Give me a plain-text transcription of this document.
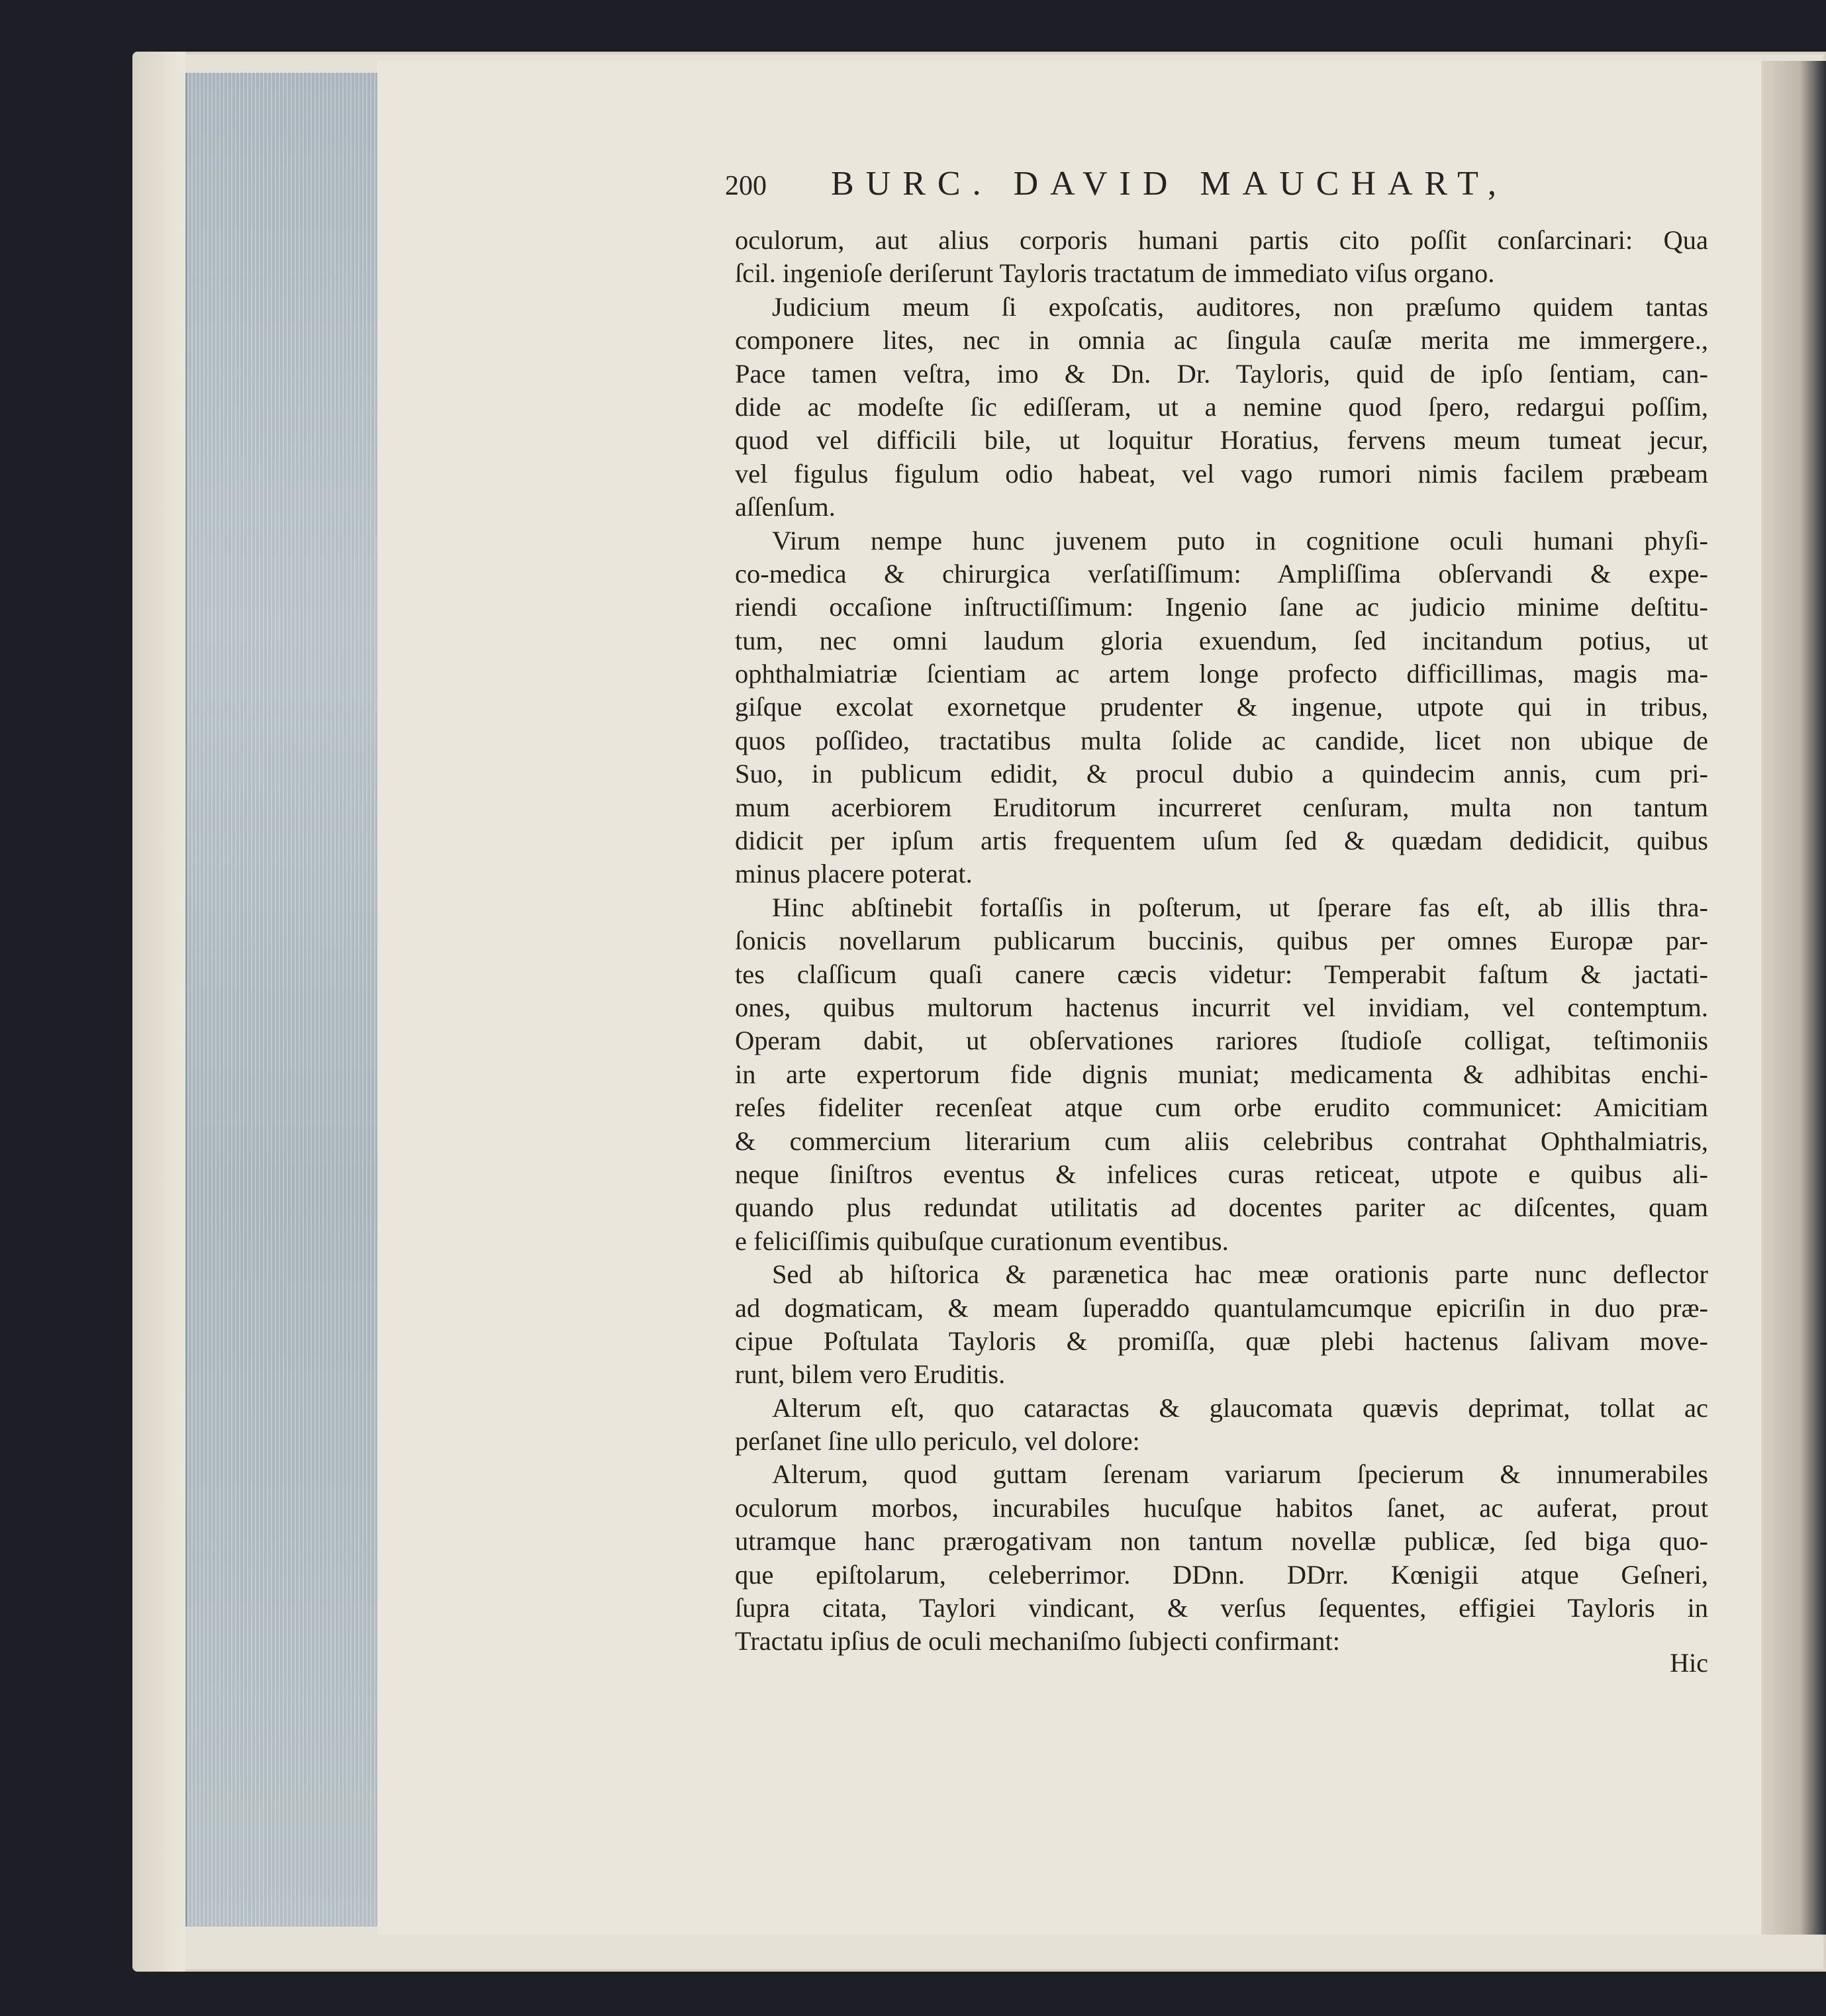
200	BURC. DAVID MAUCHART,
oculorum, aut alius corporis humani partis cito poſſit conſarcinari: Qua
ſcil. ingenioſe deriſerunt Tayloris tractatum de immediato viſus organo.
Judicium meum ſi expoſcatis, auditores, non præſumo quidem tantas
componere lites, nec in omnia ac ſingula cauſæ merita me immergere.,
Pace tamen veſtra, imo & Dn. Dr. Tayloris, quid de ipſo ſentiam, can-
dide ac modeſte ſic ediſſeram, ut a nemine quod ſpero, redargui poſſim,
quod vel difficili bile, ut loquitur Horatius, fervens meum tumeat jecur,
vel figulus figulum odio habeat, vel vago rumori nimis facilem præbeam
aſſenſum.
Virum nempe hunc juvenem puto in cognitione oculi humani phyſi-
co-medica & chirurgica verſatiſſimum: Ampliſſima obſervandi & expe-
riendi occaſione inſtructiſſimum: Ingenio ſane ac judicio minime deſtitu-
tum, nec omni laudum gloria exuendum, ſed incitandum potius, ut
ophthalmiatriæ ſcientiam ac artem longe profecto difficillimas, magis ma-
giſque excolat exornetque prudenter & ingenue, utpote qui in tribus,
quos poſſideo, tractatibus multa ſolide ac candide, licet non ubique de
Suo, in publicum edidit, & procul dubio a quindecim annis, cum pri-
mum acerbiorem Eruditorum incurreret cenſuram, multa non tantum
didicit per ipſum artis frequentem uſum ſed & quædam dedidicit, quibus
minus placere poterat.
Hinc abſtinebit fortaſſis in poſterum, ut ſperare fas eſt, ab illis thra-
ſonicis novellarum publicarum buccinis, quibus per omnes Europæ par-
tes claſſicum quaſi canere cæcis videtur: Temperabit faſtum & jactati-
ones, quibus multorum hactenus incurrit vel invidiam, vel contemptum.
Operam dabit, ut obſervationes rariores ſtudioſe colligat, teſtimoniis
in arte expertorum fide dignis muniat; medicamenta & adhibitas enchi-
reſes fideliter recenſeat atque cum orbe erudito communicet: Amicitiam
& commercium literarium cum aliis celebribus contrahat Ophthalmiatris,
neque ſiniſtros eventus & infelices curas reticeat, utpote e quibus ali-
quando plus redundat utilitatis ad docentes pariter ac diſcentes, quam
e feliciſſimis quibuſque curationum eventibus.
Sed ab hiſtorica & parænetica hac meæ orationis parte nunc deflector
ad dogmaticam, & meam ſuperaddo quantulamcumque epicriſin in duo præ-
cipue Poſtulata Tayloris & promiſſa, quæ plebi hactenus ſalivam move-
runt, bilem vero Eruditis.
Alterum eſt, quo cataractas & glaucomata quævis deprimat, tollat ac
perſanet ſine ullo periculo, vel dolore:
Alterum, quod guttam ſerenam variarum ſpecierum & innumerabiles
oculorum morbos, incurabiles hucuſque habitos ſanet, ac auferat, prout
utramque hanc prærogativam non tantum novellæ publicæ, ſed biga quo-
que epiſtolarum, celeberrimor. DDnn. DDrr. Kœnigii atque Geſneri,
ſupra citata, Taylori vindicant, & verſus ſequentes, effigiei Tayloris in
Tractatu ipſius de oculi mechaniſmo ſubjecti confirmant:
Hic
